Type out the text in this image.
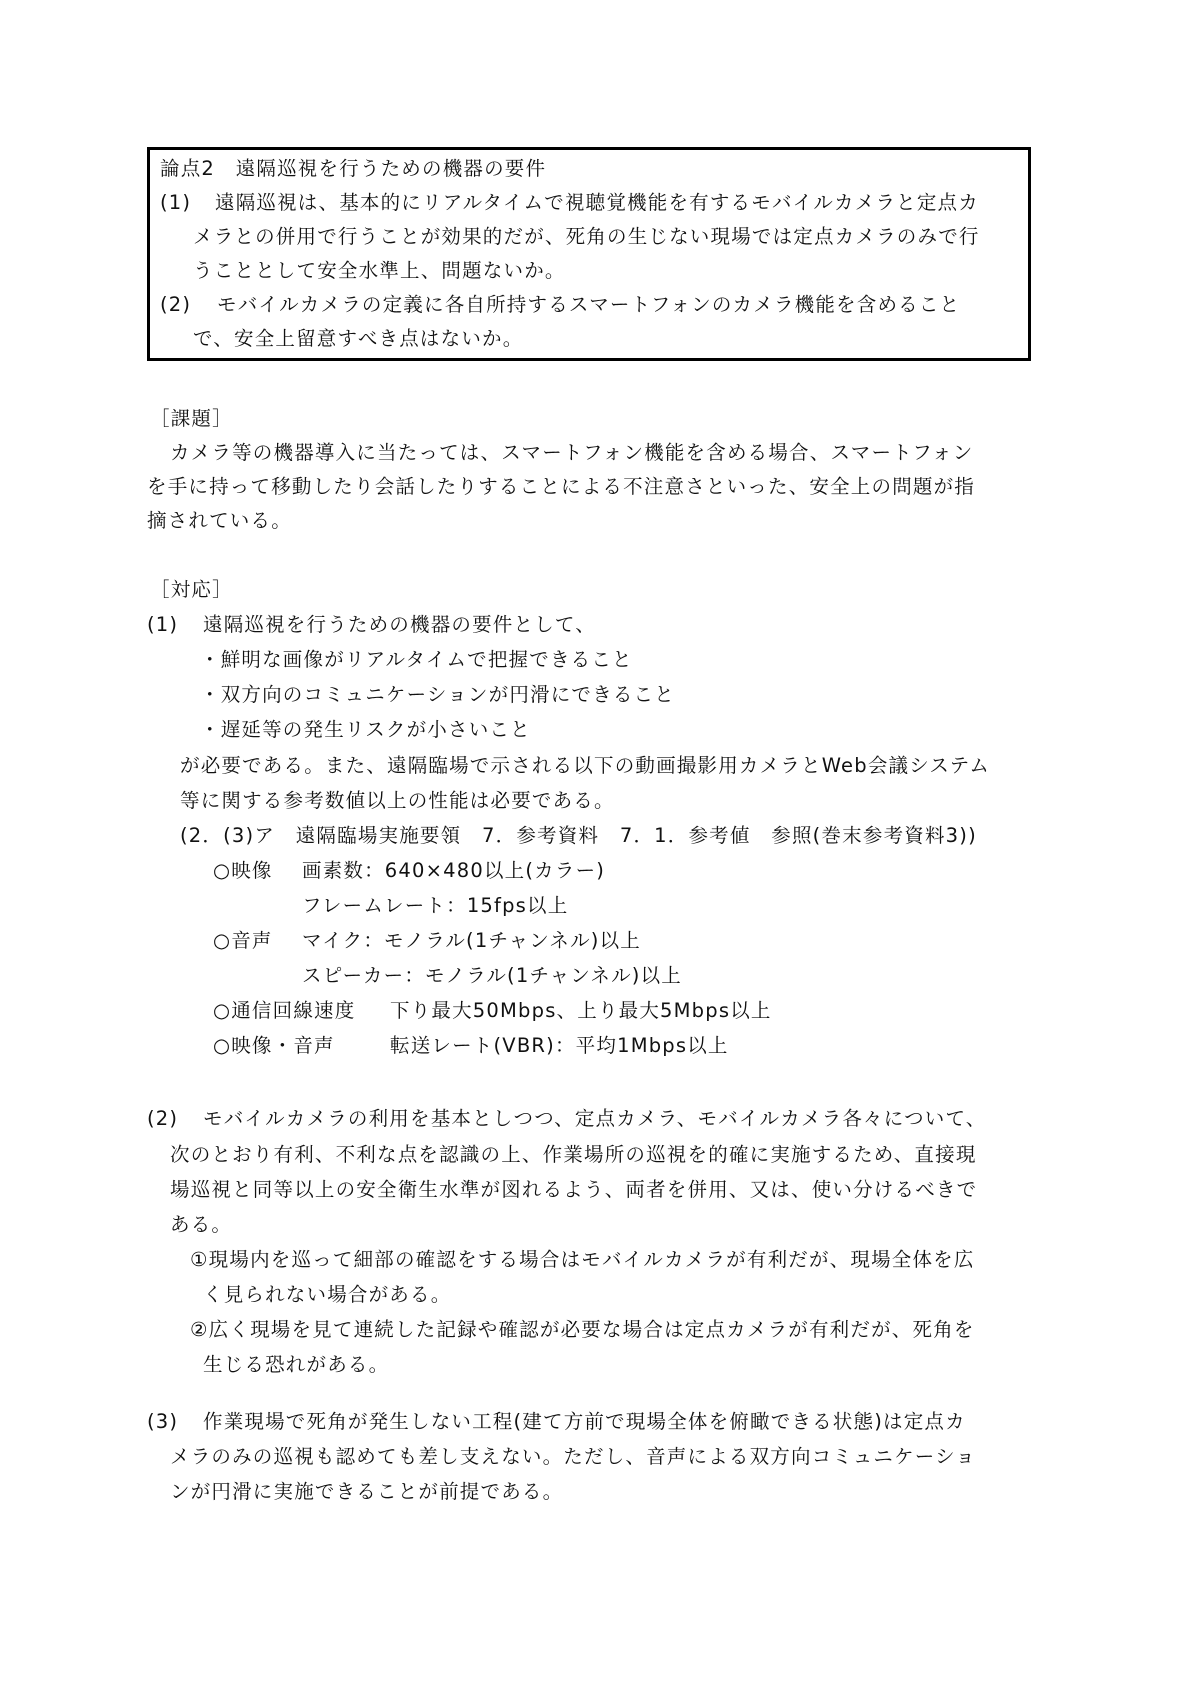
論点2　遠隔巡視を行うための機器の要件
(1) 遠隔巡視は、基本的にリアルタイムで視聴覚機能を有するモバイルカメラと定点カ
メラとの併用で行うことが効果的だが、死角の生じない現場では定点カメラのみで行
うこととして安全水準上、問題ないか。
(2) モバイルカメラの定義に各自所持するスマートフォンのカメラ機能を含めること
で、安全上留意すべき点はないか。
［課題］
カメラ等の機器導入に当たっては、スマートフォン機能を含める場合、スマートフォン
を手に持って移動したり会話したりすることによる不注意さといった、安全上の問題が指
摘されている。
［対応］
(1) 遠隔巡視を行うための機器の要件として、
・鮮明な画像がリアルタイムで把握できること
・双方向のコミュニケーションが円滑にできること
・遅延等の発生リスクが小さいこと
が必要である。また、遠隔臨場で示される以下の動画撮影用カメラとWeb会議システム
等に関する参考数値以上の性能は必要である。
(2．(3)ア　遠隔臨場実施要領　7．参考資料　7．1．参考値　参照(巻末参考資料3))
○映像 画素数：640×480以上(カラー)
フレームレート：15fps以上
○音声 マイク：モノラル(1チャンネル)以上
スピーカー：モノラル(1チャンネル)以上
○通信回線速度 下り最大50Mbps、上り最大5Mbps以上
○映像・音声	転送レート(VBR)：平均1Mbps以上
(2) モバイルカメラの利用を基本としつつ、定点カメラ、モバイルカメラ各々について、
次のとおり有利、不利な点を認識の上、作業場所の巡視を的確に実施するため、直接現
場巡視と同等以上の安全衛生水準が図れるよう、両者を併用、又は、使い分けるべきで
ある。
①現場内を巡って細部の確認をする場合はモバイルカメラが有利だが、現場全体を広
く見られない場合がある。
②広く現場を見て連続した記録や確認が必要な場合は定点カメラが有利だが、死角を
生じる恐れがある。
(3) 作業現場で死角が発生しない工程(建て方前で現場全体を俯瞰できる状態)は定点カ
メラのみの巡視も認めても差し支えない。ただし、音声による双方向コミュニケーショ
ンが円滑に実施できることが前提である。
